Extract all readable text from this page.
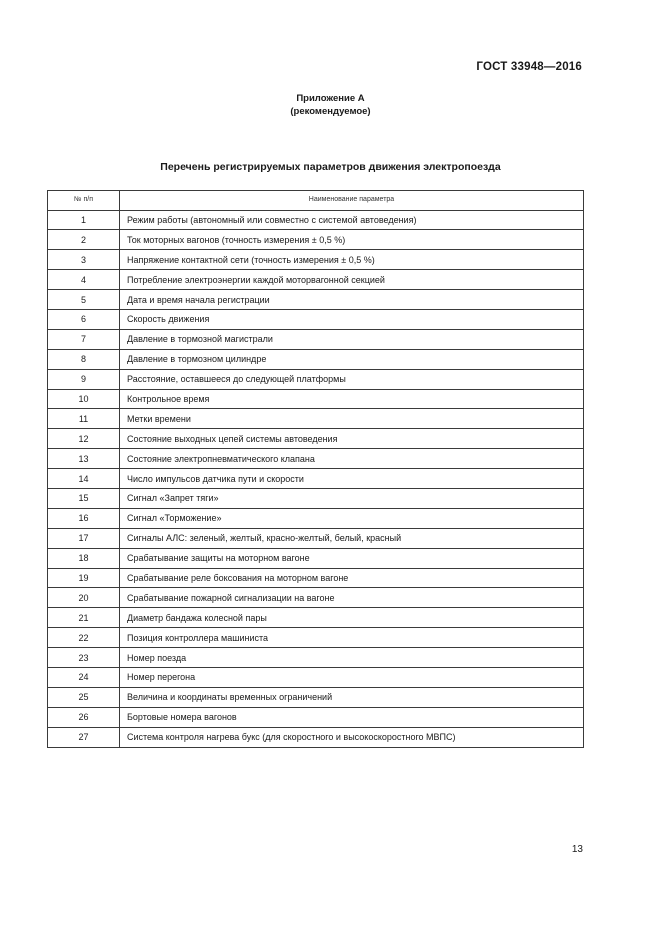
ГОСТ 33948—2016
Приложение А
(рекомендуемое)
Перечень регистрируемых параметров движения электропоезда
№ п/п	Наименование параметра
1	Режим работы (автономный или совместно с системой автоведения)
2	Ток моторных вагонов (точность измерения ± 0,5 %)
3	Напряжение контактной сети (точность измерения ± 0,5 %)
4	Потребление электроэнергии каждой моторвагонной секцией
5	Дата и время начала регистрации
6	Скорость движения
7	Давление в тормозной магистрали
8	Давление в тормозном цилиндре
9	Расстояние, оставшееся до следующей платформы
10	Контрольное время
11	Метки времени
12	Состояние выходных цепей системы автоведения
13	Состояние электропневматического клапана
14	Число импульсов датчика пути и скорости
15	Сигнал «Запрет тяги»
16	Сигнал «Торможение»
17	Сигналы АЛС: зеленый, желтый, красно-желтый, белый, красный
18	Срабатывание защиты на моторном вагоне
19	Срабатывание реле боксования на моторном вагоне
20	Срабатывание пожарной сигнализации на вагоне
21	Диаметр бандажа колесной пары
22	Позиция контроллера машиниста
23	Номер поезда
24	Номер перегона
25	Величина и координаты временных ограничений
26	Бортовые номера вагонов
27	Система контроля нагрева букс (для скоростного и высокоскоростного МВПС)
13
